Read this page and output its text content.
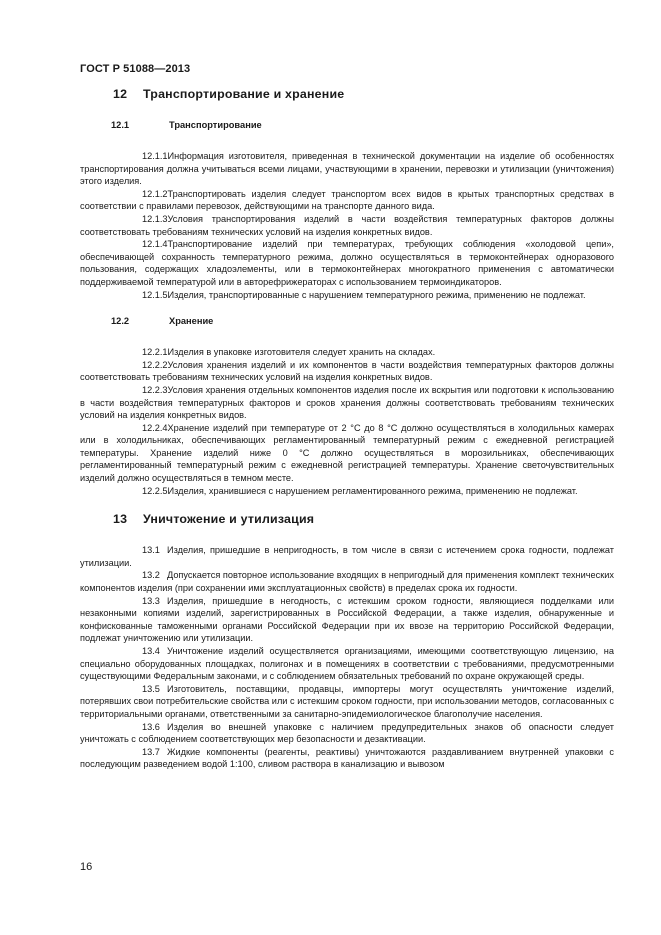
ГОСТ Р 51088—2013
12	Транспортирование и хранение
12.1	Транспортирование

12.1.1Информация изготовителя, приведенная в технической документации на изделие об особенностях транспортирования должна учитываться всеми лицами, участвующими в хранении, перевозки и утилизации (уничтожения) этого изделия.

12.1.2Транспортировать изделия следует транспортом всех видов в крытых транспортных средствах в соответствии с правилами перевозок, действующими на транспорте данного вида.

12.1.3Условия транспортирования изделий в части воздействия температурных факторов должны соответствовать требованиям технических условий на изделия конкретных видов.

12.1.4Транспортирование изделий при температурах, требующих соблюдения «холодовой цепи», обеспечивающей сохранность температурного режима, должно осуществляться в термоконтейнерах одноразового пользования, содержащих хладоэлементы, или в термоконтейнерах многократного применения с автоматически поддерживаемой температурой или в авторефрижераторах с использованием термоиндикаторов.

12.1.5Изделия, транспортированные с нарушением температурного режима, применению не подлежат.

12.2	Хранение

12.2.1Изделия в упаковке изготовителя следует хранить на складах.

12.2.2Условия хранения изделий и их компонентов в части воздействия температурных факторов должны соответствовать требованиям технических условий на изделия конкретных видов.

12.2.3Условия хранения отдельных компонентов изделия после их вскрытия или подготовки к использованию в части воздействия температурных факторов и сроков хранения должны соответствовать требованиям технических условий на изделия конкретных видов.

12.2.4Хранение изделий при температуре от 2 °С до 8 °С должно осуществляться в холодильных камерах или в холодильниках, обеспечивающих регламентированный температурный режим с ежедневной регистрацией температуры. Хранение изделий ниже 0 °С должно осуществляться в морозильниках, обеспечивающих регламентированный температурный режим с ежедневной регистрацией температуры. Хранение светочувствительных изделий должно осуществляться в темном месте.

12.2.5Изделия, хранившиеся с нарушением регламентированного режима, применению не подлежат.

13	Уничтожение и утилизация

13.1 Изделия, пришедшие в непригодность, в том числе в связи с истечением срока годности, подлежат утилизации.

13.2 Допускается повторное использование входящих в непригодный для применения комплект технических компонентов изделия (при сохранении ими эксплуатационных свойств) в пределах срока их годности.

13.3 Изделия, пришедшие в негодность, с истекшим сроком годности, являющиеся подделками или незаконными копиями изделий, зарегистрированных в Российской Федерации, а также изделия, обнаруженные и конфискованные таможенными органами Российской Федерации при их ввозе на территорию Российской Федерации, подлежат уничтожению или утилизации.

13.4 Уничтожение изделий осуществляется организациями, имеющими соответствующую лицензию, на специально оборудованных площадках, полигонах и в помещениях в соответствии с требованиями, предусмотренными существующими Федеральным законами, и с соблюдением обязательных требований по охране окружающей среды.

13.5 Изготовитель, поставщики, продавцы, импортеры могут осуществлять уничтожение изделий, потерявших свои потребительские свойства или с истекшим сроком годности, при использовании методов, согласованных с территориальными органами, ответственными за санитарно-эпидемиологическое благополучие населения.

13.6 Изделия во внешней упаковке с наличием предупредительных знаков об опасности следует уничтожать с соблюдением соответствующих мер безопасности и дезактивации.

13.7 Жидкие компоненты (реагенты, реактивы) уничтожаются раздавливанием внутренней упаковки с последующим разведением водой 1:100, сливом раствора в канализацию и вывозом

16
